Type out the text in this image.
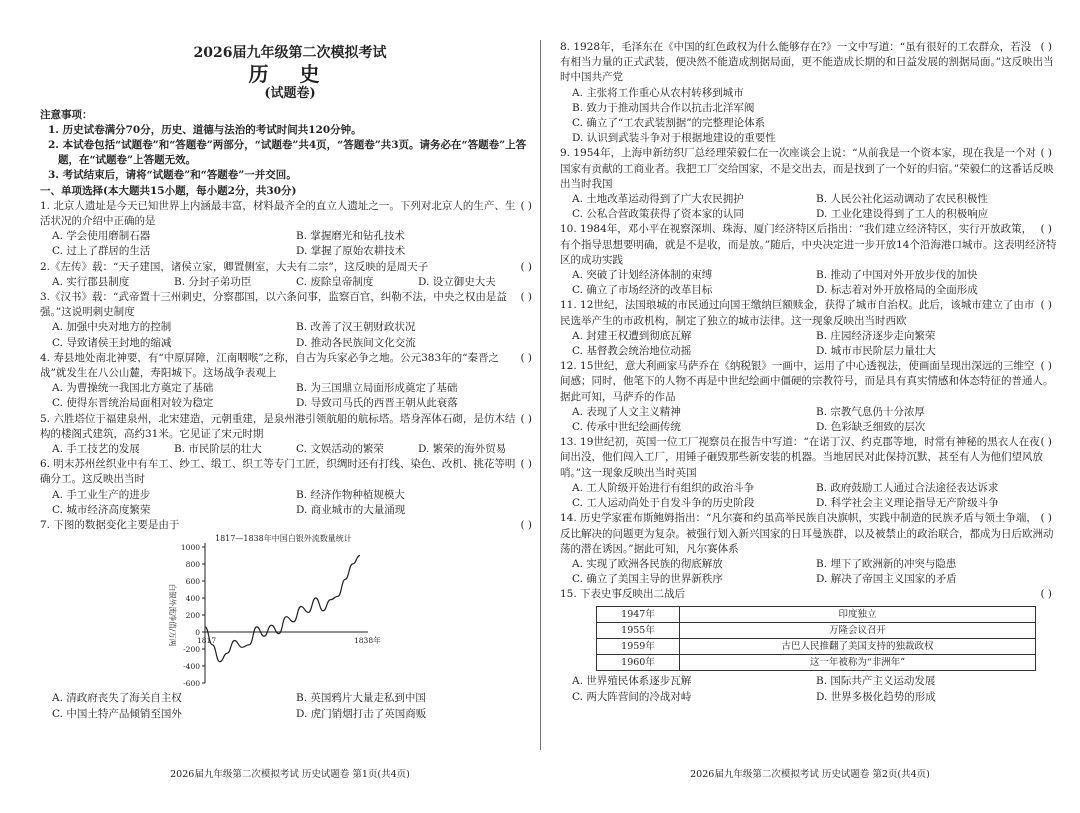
2026届九年级第二次模拟考试
历 史
(试题卷)
注意事项：
1. 历史试卷满分70分，历史、道德与法治的考试时间共120分钟。
2. 本试卷包括“试题卷”和“答题卷”两部分，“试题卷”共4页，“答题卷”共3页。请务必在“答题卷”上答题，在“试题卷”上答题无效。
3. 考试结束后，请将“试题卷”和“答题卷”一并交回。
一、单项选择(本大题共15小题，每小题2分，共30分)
( )
1. 北京人遗址是今天已知世界上内涵最丰富，材料最齐全的直立人遗址之一。下列对北京人的生产、生活状况的介绍中正确的是
A. 学会使用磨制石器	B. 掌握磨光和钻孔技术
C. 过上了群居的生活	D. 掌握了原始农耕技术
( )
2.《左传》载：“天子建国，诸侯立家，卿置侧室，大夫有二宗”，这反映的是周天子
A. 实行郡县制度	B. 分封子弟功臣	C. 废除皇帝制度	D. 设立御史大夫
( )
3.《汉书》载：“武帝置十三州刺史，分察郡国，以六条问事，监察百官，纠勒不法，中央之权由是益强。”这说明刺史制度
A. 加强中央对地方的控制	B. 改善了汉王朝财政状况
C. 导致诸侯王封地的缩减	D. 推动各民族间文化交流
( )
4. 寿县地处南北神要，有“中原屏障，江南咽喉”之称，自古为兵家必争之地。公元383年的“秦晋之战”就发生在八公山麓，寿阳城下。这场战争表观上
A. 为曹操统一我国北方奠定了基础	B. 为三国鼎立局面形成奠定了基础
C. 使得东晋统治局面相对较为稳定	D. 导致司马氏的西晋王朝从此衰落
( )
5. 六胜塔位于福建泉州，北宋建造，元朝重建，是泉州港引领航船的航标塔。塔身浑体石砌，是仿木结构的楼阁式建筑，高约31米。它见证了宋元时期
A. 手工技艺的发展	B. 市民阶层的壮大	C. 文娱活动的繁荣	D. 繁荣的海外贸易
( )
6. 明末苏州丝织业中有车工、纱工、缎工、织工等专门工匠，织绸时还有打线、染色、改机、挑花等明确分工。这反映出当时
A. 手工业生产的进步	B. 经济作物种植规模大
C. 城市经济高度繁荣	D. 商业城市的大量涌现
( )
7. 下图的数据变化主要是由于
1817—1838年中国白银外流数量统计
1000
800
600
400
200
0
-200
-400
-600
白银外流净值/万两	1817	1838年
A. 清政府丧失了海关自主权	B. 英国鸦片大量走私到中国
C. 中国土特产品倾销至国外	D. 虎门销烟打击了英国商贩
( )
8. 1928年，毛泽东在《中国的红色政权为什么能够存在?》一文中写道：“虽有很好的工农群众，若没有相当力量的正式武装，便决然不能造成割据局面，更不能造成长期的和日益发展的割据局面。”这反映出当时中国共产党
A. 主张将工作重心从农村转移到城市
B. 致力于推动国共合作以抗击北洋军阀
C. 确立了“工农武装割据”的完整理论体系
D. 认识到武装斗争对于根据地建设的重要性
( )
9. 1954年，上海申新纺织厂总经理荣毅仁在一次座谈会上说：“从前我是一个资本家，现在我是一个对国家有贡献的工商业者。我把工厂交给国家，不是交出去，而是找到了一个好的归宿。”荣毅仁的这番话反映出当时我国
A. 土地改革运动得到了广大农民拥护	B. 人民公社化运动调动了农民积极性
C. 公私合营政策获得了资本家的认同	D. 工业化建设得到了工人的积极响应
( )
10. 1984年，邓小平在视察深圳、珠海、厦门经济特区后指出：“我们建立经济特区，实行开放政策，有个指导思想要明确，就是不是收，而是放。”随后，中央决定进一步开放14个沿海港口城市。这表明经济特区的成功实践
A. 突破了计划经济体制的束缚	B. 推动了中国对外开放步伐的加快
C. 确立了市场经济的改革目标	D. 标志着对外开放格局的全面形成
( )
11. 12世纪，法国琅城的市民通过向国王缴纳巨额赎金，获得了城市自治权。此后，该城市建立了由市民选举产生的市政机构，制定了独立的城市法律。这一现象反映出当时西欧
A. 封建王权遭到彻底瓦解	B. 庄园经济逐步走向繁荣
C. 基督教会统治地位动摇	D. 城市市民阶层力量壮大
( )
12. 15世纪，意大利画家马萨乔在《纳税银》一画中，运用了中心透视法，使画面呈现出深远的三维空间感；同时，他笔下的人物不再是中世纪绘画中僵硬的宗教符号，而是具有真实情感和体态特征的普通人。据此可知，马萨乔的作品
A. 表现了人文主义精神	B. 宗教气息仍十分浓厚
C. 传承中世纪绘画传统	D. 色彩缺乏细致的层次
( )
13. 19世纪初，英国一位工厂视察员在报告中写道：“在诺丁汉、约克郡等地，时常有神秘的黑衣人在夜间出没，他们闯入工厂，用锤子砸毁那些新安装的机器。当地居民对此保持沉默，甚至有人为他们望风放哨。”这一现象反映出当时英国
A. 工人阶级开始进行有组织的政治斗争	B. 政府鼓励工人通过合法途径表达诉求
C. 工人运动尚处于自发斗争的历史阶段	D. 科学社会主义理论指导无产阶级斗争
( )
14. 历史学家霍布斯鲍姆指出：“凡尔赛和约虽高举民族自决旗帜，实践中制造的民族矛盾与领土争端，反比解决的问题更为复杂。被强行划入新兴国家的日耳曼族群，以及被禁止的政治联合，都成为日后欧洲动荡的潜在诱因。”据此可知，凡尔赛体系
A. 实现了欧洲各民族的彻底解放	B. 埋下了欧洲新的冲突与隐患
C. 确立了美国主导的世界新秩序	D. 解决了帝国主义国家的矛盾
( )
15. 下表史事反映出二战后
1947年	印度独立
1955年	万隆会议召开
1959年	古巴人民推翻了美国支持的独裁政权
1960年	这一年被称为“非洲年”
A. 世界殖民体系逐步瓦解	B. 国际共产主义运动发展
C. 两大阵营间的冷战对峙	D. 世界多极化趋势的形成
2026届九年级第二次模拟考试 历史试题卷 第1页(共4页)	2026届九年级第二次模拟考试 历史试题卷 第2页(共4页)
